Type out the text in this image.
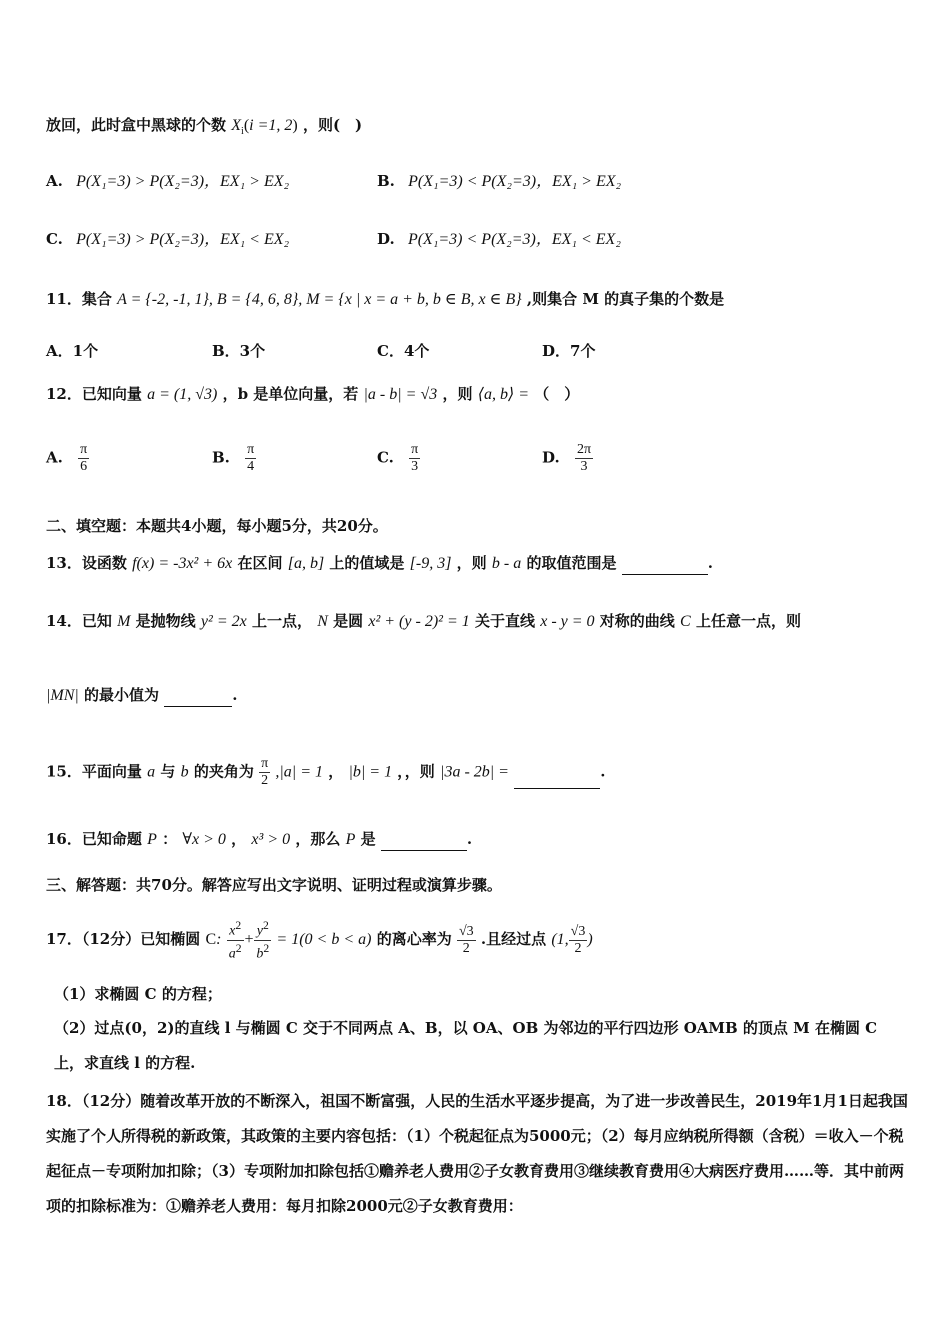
放回，此时盒中黑球的个数 $X_i(i =1$, 2) ，则(　)
A. P(X₁=3) > P(X₂=3)，EX₁ > EX₂	B. P(X₁=3) < P(X₂=3)，EX₁ > EX₂
C. P(X₁=3) > P(X₂=3)，EX₁ < EX₂	D. P(X₁=3) < P(X₂=3)，EX₁ < EX₂
11．集合 A = {-2, -1, 1}, B = {4, 6, 8}, M = {x | x = a + b, b ∈ B, x ∈ B} ,则集合 M 的真子集的个数是
A．1个	B．3个	C．4个	D．7个
12．已知向量 a = (1, √3) ，b 是单位向量，若 |a - b| = √3 ，则 ⟨a, b⟩ = （　）
A. $\frac{\pi}{6}$	B. $\frac{\pi}{4}$	C. $\frac{\pi}{3}$	D. $\frac{2\pi}{3}$
二、填空题：本题共4小题，每小题5分，共20分。
13．设函数 f(x) = -3x² + 6x 在区间 [a, b] 上的值域是 [-9, 3] ，则 b - a 的取值范围是	.
14．已知 M 是抛物线 y² = 2x 上一点， N 是圆 x² + (y - 2)² = 1 关于直线 x - y = 0 对称的曲线 C 上任意一点，则
|MN| 的最小值为	.
15．平面向量 a 与 b 的夹角为 $\frac{\pi}{2} ,|a| = 1$ ， |b| = 1 ，，则 |3a - 2b| =	.
16．已知命题 P ： ∀x > 0 ， x³ > 0 ，那么 P 是	.
三、解答题：共70分。解答应写出文字说明、证明过程或演算步骤。
17．（12分）已知椭圆 C: $\frac{x^2}{a^2} + \frac{y^2}{b^2} = 1(0 < b < a)$ 的离心率为 $\frac{√3}{2}$ .且经过点 (1, $\frac{√3}{2}$ )
（1）求椭圆 C 的方程；
（2）过点(0，2)的直线 l 与椭圆 C 交于不同两点 A、B，以 OA、OB 为邻边的平行四边形 OAMB 的顶点 M 在椭圆 C 上，求直线 l 的方程.
18．（12分）随着改革开放的不断深入，祖国不断富强，人民的生活水平逐步提高，为了进一步改善民生，2019年1月1日起我国实施了个人所得税的新政策，其政策的主要内容包括：（1）个税起征点为5000元；（2）每月应纳税所得额（含税）＝收入－个税起征点－专项附加扣除；（3）专项附加扣除包括①赡养老人费用②子女教育费用③继续教育费用④大病医疗费用……等．其中前两项的扣除标准为：①赡养老人费用：每月扣除2000元②子女教育费用：
